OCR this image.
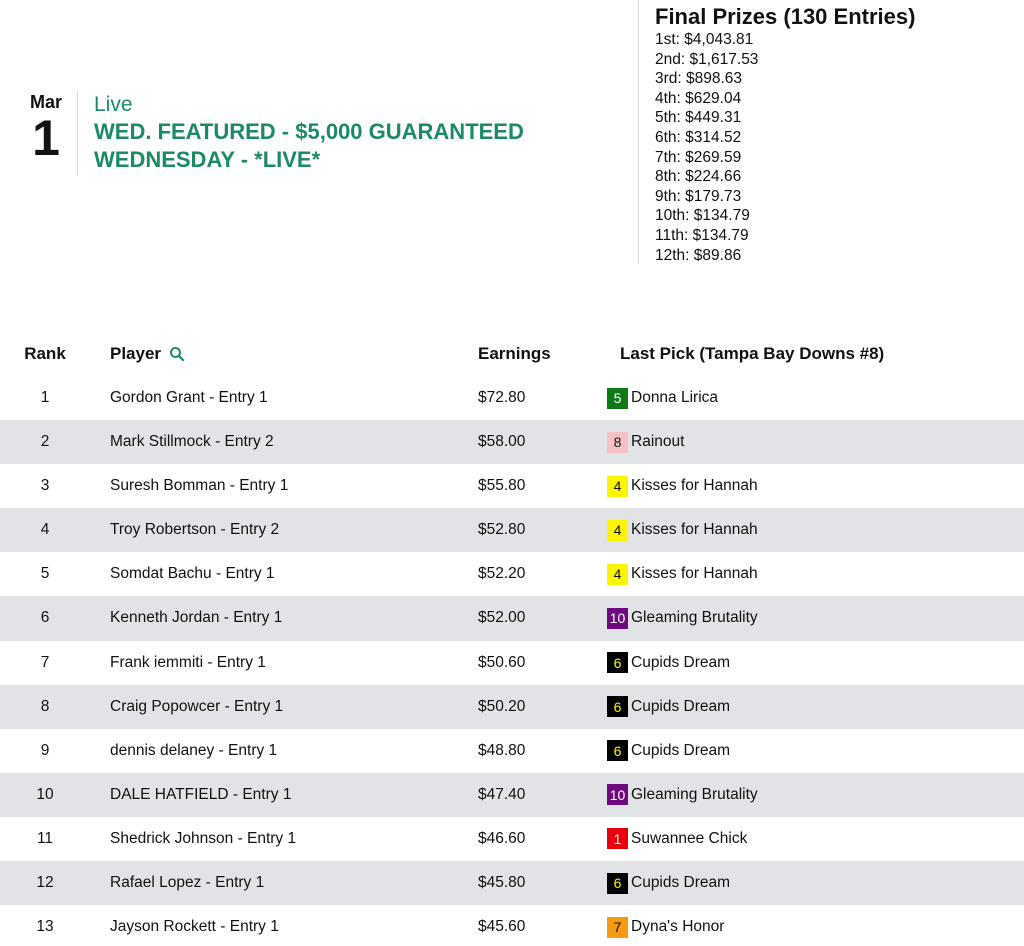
Mar
1
Live
WED. FEATURED - $5,000 GUARANTEED
WEDNESDAY - *LIVE*
Final Prizes (130 Entries)
1st: $4,043.81
2nd: $1,617.53
3rd: $898.63
4th: $629.04
5th: $449.31
6th: $314.52
7th: $269.59
8th: $224.66
9th: $179.73
10th: $134.79
11th: $134.79
12th: $89.86
Rank	Player	Earnings	Last Pick (Tampa Bay Downs #8)
1	Gordon Grant - Entry 1	$72.80	5 Donna Lirica
2	Mark Stillmock - Entry 2	$58.00	8 Rainout
3	Suresh Bomman - Entry 1	$55.80	4 Kisses for Hannah
4	Troy Robertson - Entry 2	$52.80	4 Kisses for Hannah
5	Somdat Bachu - Entry 1	$52.20	4 Kisses for Hannah
6	Kenneth Jordan - Entry 1	$52.00	10 Gleaming Brutality
7	Frank iemmiti - Entry 1	$50.60	6 Cupids Dream
8	Craig Popowcer - Entry 1	$50.20	6 Cupids Dream
9	dennis delaney - Entry 1	$48.80	6 Cupids Dream
10	DALE HATFIELD - Entry 1	$47.40	10 Gleaming Brutality
11	Shedrick Johnson - Entry 1	$46.60	1 Suwannee Chick
12	Rafael Lopez - Entry 1	$45.80	6 Cupids Dream
13	Jayson Rockett - Entry 1	$45.60	7 Dyna's Honor
